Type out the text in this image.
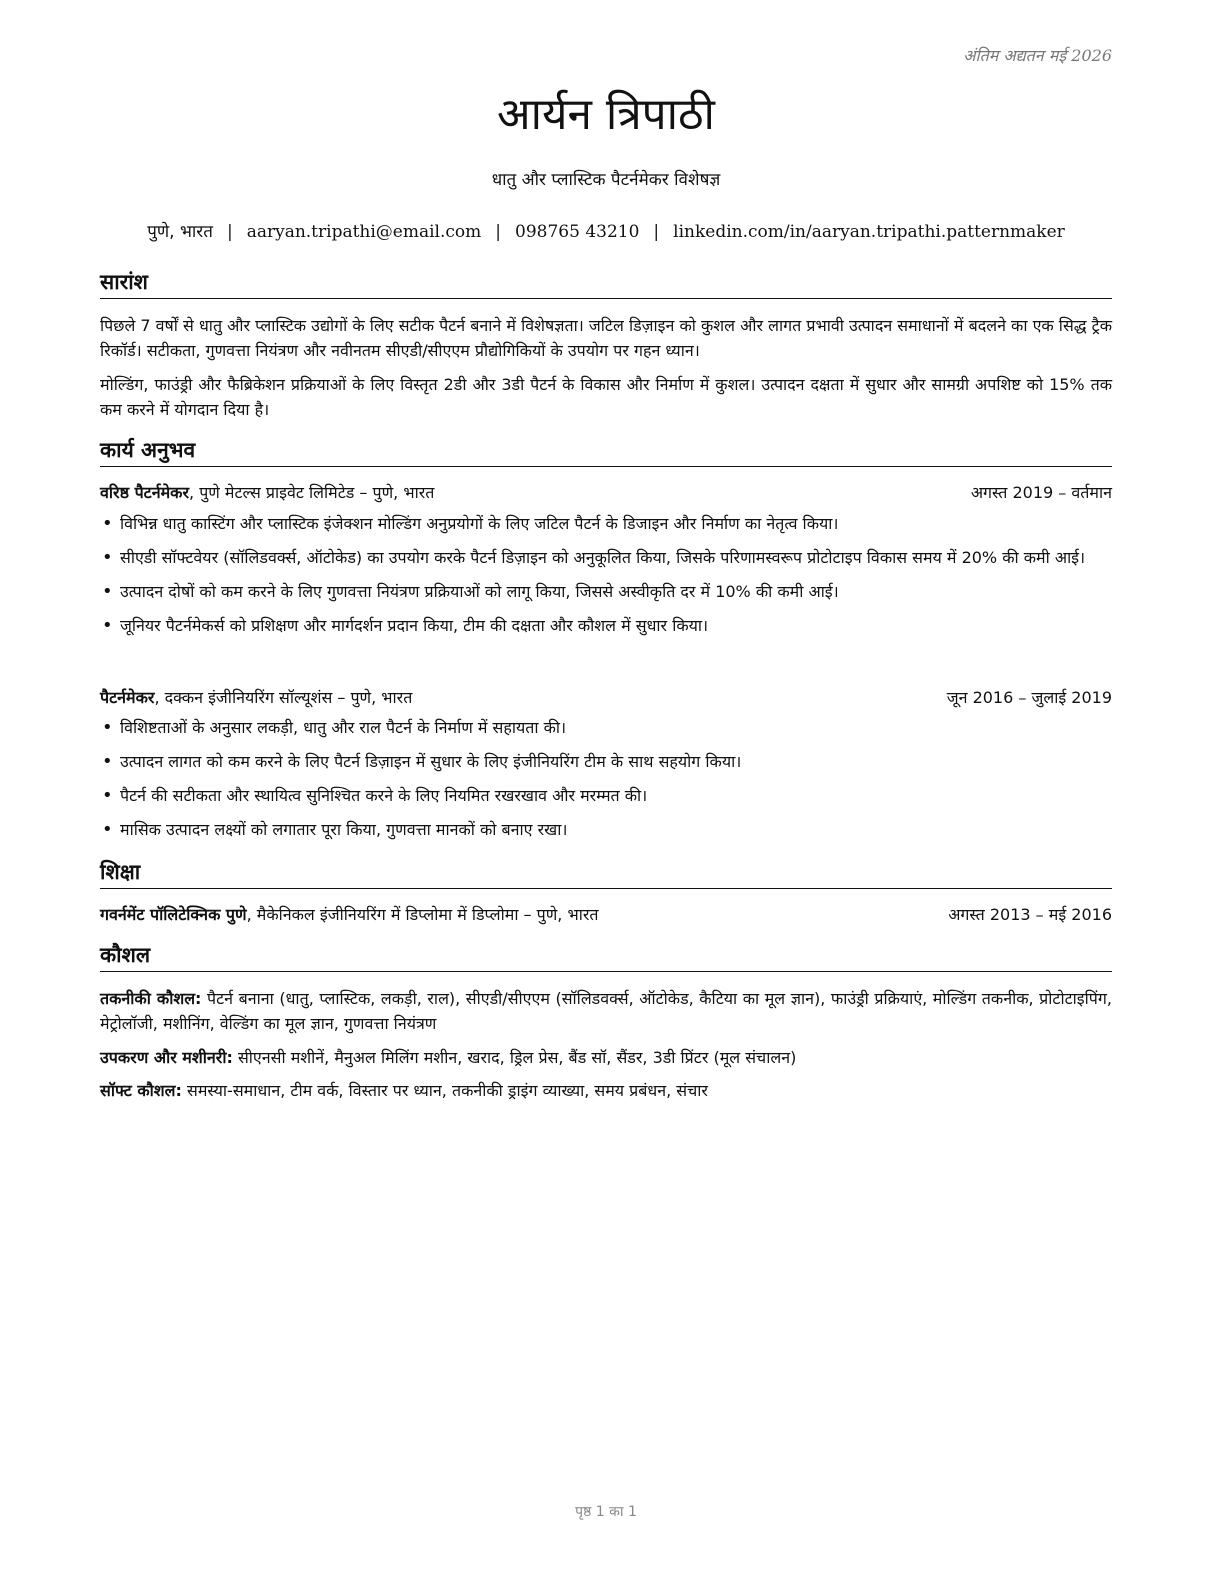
अंतिम अद्यतन मई 2026
आर्यन त्रिपाठी
धातु और प्लास्टिक पैटर्नमेकर विशेषज्ञ
पुणे, भारत | aaryan.tripathi@email.com | 098765 43210 | linkedin.com/in/aaryan.tripathi.patternmaker
सारांश

पिछले 7 वर्षों से धातु और प्लास्टिक उद्योगों के लिए सटीक पैटर्न बनाने में विशेषज्ञता। जटिल डिज़ाइन को कुशल और लागत प्रभावी उत्पादन समाधानों में बदलने का एक सिद्ध ट्रैक रिकॉर्ड। सटीकता, गुणवत्ता नियंत्रण और नवीनतम सीएडी/सीएएम प्रौद्योगिकियों के उपयोग पर गहन ध्यान।

मोल्डिंग, फाउंड्री और फैब्रिकेशन प्रक्रियाओं के लिए विस्तृत 2डी और 3डी पैटर्न के विकास और निर्माण में कुशल। उत्पादन दक्षता में सुधार और सामग्री अपशिष्ट को 15% तक कम करने में योगदान दिया है।

कार्य अनुभव
वरिष्ठ पैटर्नमेकर, पुणे मेटल्स प्राइवेट लिमिटेड – पुणे, भारत	अगस्त 2019 – वर्तमान
• विभिन्न धातु कास्टिंग और प्लास्टिक इंजेक्शन मोल्डिंग अनुप्रयोगों के लिए जटिल पैटर्न के डिजाइन और निर्माण का नेतृत्व किया।
• सीएडी सॉफ्टवेयर (सॉलिडवर्क्स, ऑटोकेड) का उपयोग करके पैटर्न डिज़ाइन को अनुकूलित किया, जिसके परिणामस्वरूप प्रोटोटाइप विकास समय में 20% की कमी आई।
• उत्पादन दोषों को कम करने के लिए गुणवत्ता नियंत्रण प्रक्रियाओं को लागू किया, जिससे अस्वीकृति दर में 10% की कमी आई।
• जूनियर पैटर्नमेकर्स को प्रशिक्षण और मार्गदर्शन प्रदान किया, टीम की दक्षता और कौशल में सुधार किया।
पैटर्नमेकर, दक्कन इंजीनियरिंग सॉल्यूशंस – पुणे, भारत	जून 2016 – जुलाई 2019
• विशिष्टताओं के अनुसार लकड़ी, धातु और राल पैटर्न के निर्माण में सहायता की।
• उत्पादन लागत को कम करने के लिए पैटर्न डिज़ाइन में सुधार के लिए इंजीनियरिंग टीम के साथ सहयोग किया।
• पैटर्न की सटीकता और स्थायित्व सुनिश्चित करने के लिए नियमित रखरखाव और मरम्मत की।
• मासिक उत्पादन लक्ष्यों को लगातार पूरा किया, गुणवत्ता मानकों को बनाए रखा।
शिक्षा
गवर्नमेंट पॉलिटेक्निक पुणे, मैकेनिकल इंजीनियरिंग में डिप्लोमा में डिप्लोमा – पुणे, भारत	अगस्त 2013 – मई 2016
कौशल
तकनीकी कौशल: पैटर्न बनाना (धातु, प्लास्टिक, लकड़ी, राल), सीएडी/सीएएम (सॉलिडवर्क्स, ऑटोकेड, कैटिया का मूल ज्ञान), फाउंड्री प्रक्रियाएं, मोल्डिंग तकनीक, प्रोटोटाइपिंग, मेट्रोलॉजी, मशीनिंग, वेल्डिंग का मूल ज्ञान, गुणवत्ता नियंत्रण
उपकरण और मशीनरी: सीएनसी मशीनें, मैनुअल मिलिंग मशीन, खराद, ड्रिल प्रेस, बैंड सॉ, सैंडर, 3डी प्रिंटर (मूल संचालन)
सॉफ्ट कौशल: समस्या-समाधान, टीम वर्क, विस्तार पर ध्यान, तकनीकी ड्राइंग व्याख्या, समय प्रबंधन, संचार
पृष्ठ 1 का 1
